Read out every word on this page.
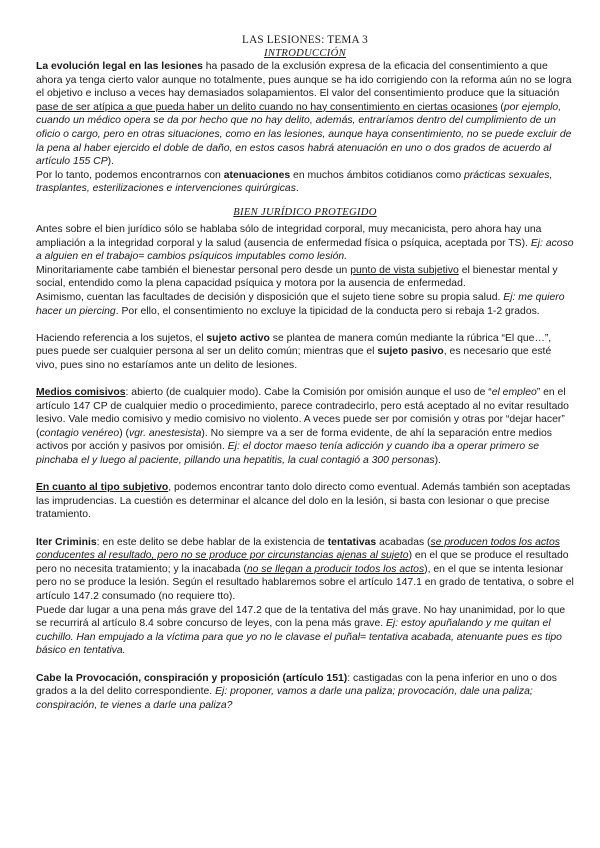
LAS LESIONES: TEMA 3
INTRODUCCIÓN

La evolución legal en las lesiones ha pasado de la exclusión expresa de la eficacia del consentimiento a que ahora ya tenga cierto valor aunque no totalmente, pues aunque se ha ido corrigiendo con la reforma aún no se logra el objetivo e incluso a veces hay demasiados solapamientos. El valor del consentimiento produce que la situación pase de ser atípica a que pueda haber un delito cuando no hay consentimiento en ciertas ocasiones (por ejemplo, cuando un médico opera se da por hecho que no hay delito, además, entraríamos dentro del cumplimiento de un oficio o cargo, pero en otras situaciones, como en las lesiones, aunque haya consentimiento, no se puede excluir de la pena al haber ejercido el doble de daño, en estos casos habrá atenuación en uno o dos grados de acuerdo al artículo 155 CP).

Por lo tanto, podemos encontrarnos con atenuaciones en muchos ámbitos cotidianos como prácticas sexuales, trasplantes, esterilizaciones e intervenciones quirúrgicas.

BIEN JURÍDICO PROTEGIDO

Antes sobre el bien jurídico sólo se hablaba sólo de integridad corporal, muy mecanicista, pero ahora hay una ampliación a la integridad corporal y la salud (ausencia de enfermedad física o psíquica, aceptada por TS). Ej: acoso a alguien en el trabajo= cambios psíquicos imputables como lesión.

Minoritariamente cabe también el bienestar personal pero desde un punto de vista subjetivo el bienestar mental y social, entendido como la plena capacidad psíquica y motora por la ausencia de enfermedad.

Asimismo, cuentan las facultades de decisión y disposición que el sujeto tiene sobre su propia salud. Ej: me quiero hacer un piercing. Por ello, el consentimiento no excluye la tipicidad de la conducta pero si rebaja 1-2 grados.

Haciendo referencia a los sujetos, el sujeto activo se plantea de manera común mediante la rúbrica “El que…”, pues puede ser cualquier persona al ser un delito común; mientras que el sujeto pasivo, es necesario que esté vivo, pues sino no estaríamos ante un delito de lesiones.

Medios comisivos: abierto (de cualquier modo). Cabe la Comisión por omisión aunque el uso de “el empleo” en el artículo 147 CP de cualquier medio o procedimiento, parece contradecirlo, pero está aceptado al no evitar resultado lesivo. Vale medio comisivo y medio comisivo no violento. A veces puede ser por comisión y otras por “dejar hacer” (contagio venéreo) (vgr. anestesista). No siempre va a ser de forma evidente, de ahí la separación entre medios activos por acción y pasivos por omisión. Ej: el doctor maeso tenía adicción y cuando iba a operar primero se pinchaba el y luego al paciente, pillando una hepatitis, la cual contagió a 300 personas).

En cuanto al tipo subjetivo, podemos encontrar tanto dolo directo como eventual. Además también son aceptadas las imprudencias. La cuestión es determinar el alcance del dolo en la lesión, si basta con lesionar o que precise tratamiento.

Iter Criminis: en este delito se debe hablar de la existencia de tentativas acabadas (se producen todos los actos conducentes al resultado, pero no se produce por circunstancias ajenas al sujeto) en el que se produce el resultado pero no necesita tratamiento; y la inacabada (no se llegan a producir todos los actos), en el que se intenta lesionar pero no se produce la lesión. Según el resultado hablaremos sobre el artículo 147.1 en grado de tentativa, o sobre el artículo 147.2 consumado (no requiere tto).

Puede dar lugar a una pena más grave del 147.2 que de la tentativa del más grave. No hay unanimidad, por lo que se recurrirá al artículo 8.4 sobre concurso de leyes, con la pena más grave. Ej: estoy apuñalando y me quitan el cuchillo. Han empujado a la víctima para que yo no le clavase el puñal= tentativa acabada, atenuante pues es tipo básico en tentativa.

Cabe la Provocación, conspiración y proposición (artículo 151): castigadas con la pena inferior en uno o dos grados a la del delito correspondiente. Ej: proponer, vamos a darle una paliza; provocación, dale una paliza; conspiración, te vienes a darle una paliza?
